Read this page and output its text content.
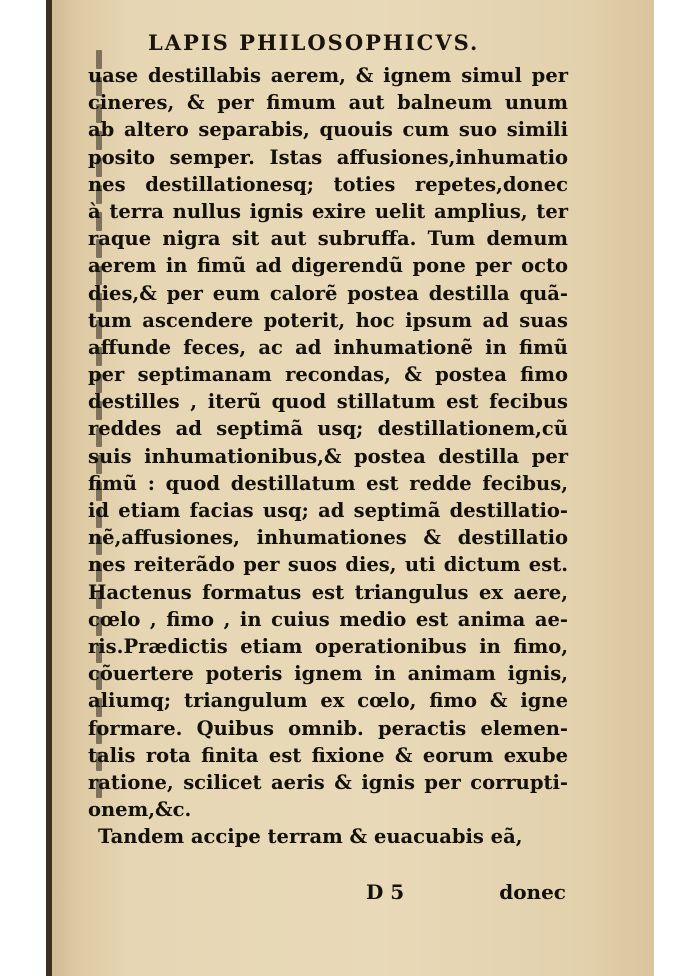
LAPIS PHILOSOPHICVS.
uase destillabis aerem, & ignem simul per
cineres, & per fimum aut balneum unum
ab altero separabis, quouis cum suo simili
posito semper. Istas affusiones,inhumatio
nes destillationesq; toties repetes,donec
à terra nullus ignis exire uelit amplius, ter
raque nigra sit aut subruffa. Tum demum
aerem in fimũ ad digerendũ pone per octo
dies,& per eum calorẽ postea destilla quã-
tum ascendere poterit, hoc ipsum ad suas
affunde feces, ac ad inhumationẽ in fimũ
per septimanam recondas, & postea fimo
destilles , iterũ quod stillatum est fecibus
reddes ad septimã usq; destillationem,cũ
suis inhumationibus,& postea destilla per
fimũ : quod destillatum est redde fecibus,
id etiam facias usq; ad septimã destillatio-
nẽ,affusiones, inhumationes & destillatio
nes reiterãdo per suos dies, uti dictum est.
Hactenus formatus est triangulus ex aere,
cœlo , fimo , in cuius medio est anima ae-
ris.Prædictis etiam operationibus in fimo,
cõuertere poteris ignem in animam ignis,
aliumq; triangulum ex cœlo, fimo & igne
formare. Quibus omnib. peractis elemen-
talis rota finita est fixione & eorum exube
ratione, scilicet aeris & ignis per corrupti-
onem,&c.
Tandem accipe terram & euacuabis eã,
D 5	donec
